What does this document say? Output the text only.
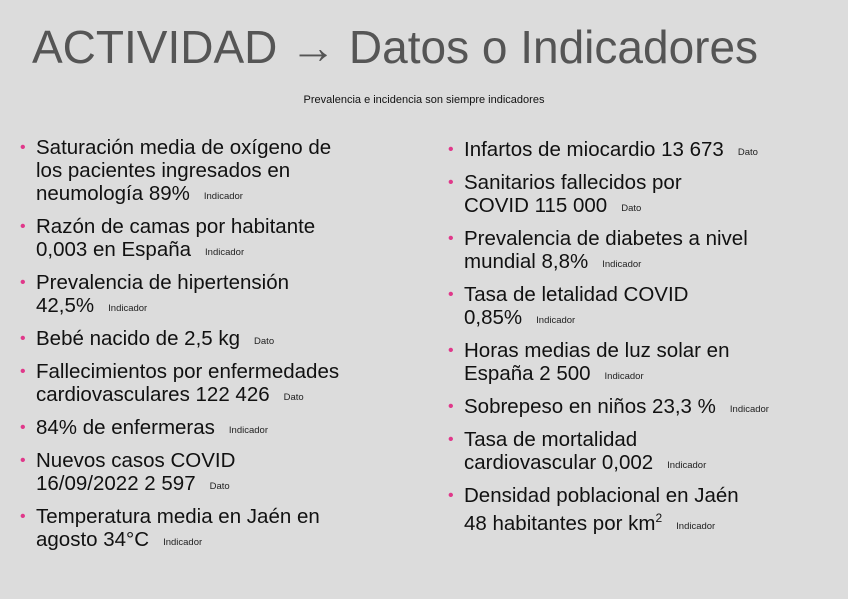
ACTIVIDAD → Datos o Indicadores
Prevalencia e incidencia son siempre indicadores
• Saturación media de oxígeno de
los pacientes ingresados en
neumología 89% Indicador
• Razón de camas por habitante
0,003 en España Indicador
• Prevalencia de hipertensión
42,5% Indicador
• Bebé nacido de 2,5 kg Dato
• Fallecimientos por enfermedades
cardiovasculares 122 426 Dato
• 84% de enfermeras Indicador
• Nuevos casos COVID
16/09/2022 2 597 Dato
• Temperatura media en Jaén en
agosto 34°C Indicador
• Infartos de miocardio 13 673 Dato
• Sanitarios fallecidos por
COVID 115 000 Dato
• Prevalencia de diabetes a nivel
mundial 8,8% Indicador
• Tasa de letalidad COVID
0,85% Indicador
• Horas medias de luz solar en
España 2 500 Indicador
• Sobrepeso en niños 23,3 % Indicador
• Tasa de mortalidad
cardiovascular 0,002 Indicador
• Densidad poblacional en Jaén
48 habitantes por $km^2Indicador$
